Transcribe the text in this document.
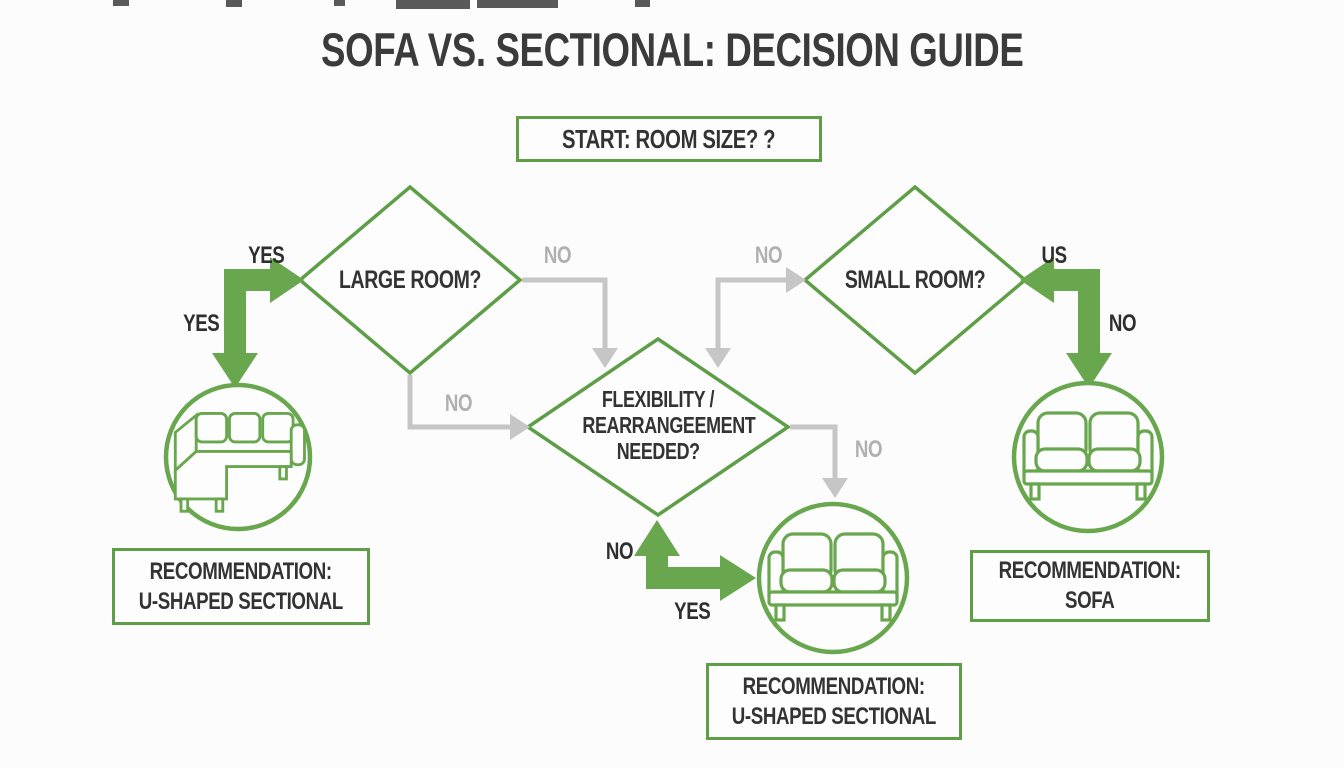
SOFA VS. SECTIONAL: DECISION GUIDE
START: ROOM SIZE? ?
LARGE ROOM?	SMALL ROOM?
FLEXIBILITY /
REARRANGEEMENT
NEEDED?
YES
YES
NO	NO	US
NO
NO
NO
NO
YES
RECOMMENDATION:
U-SHAPED SECTIONAL
RECOMMENDATION:
SOFA
RECOMMENDATION:
U-SHAPED SECTIONAL
